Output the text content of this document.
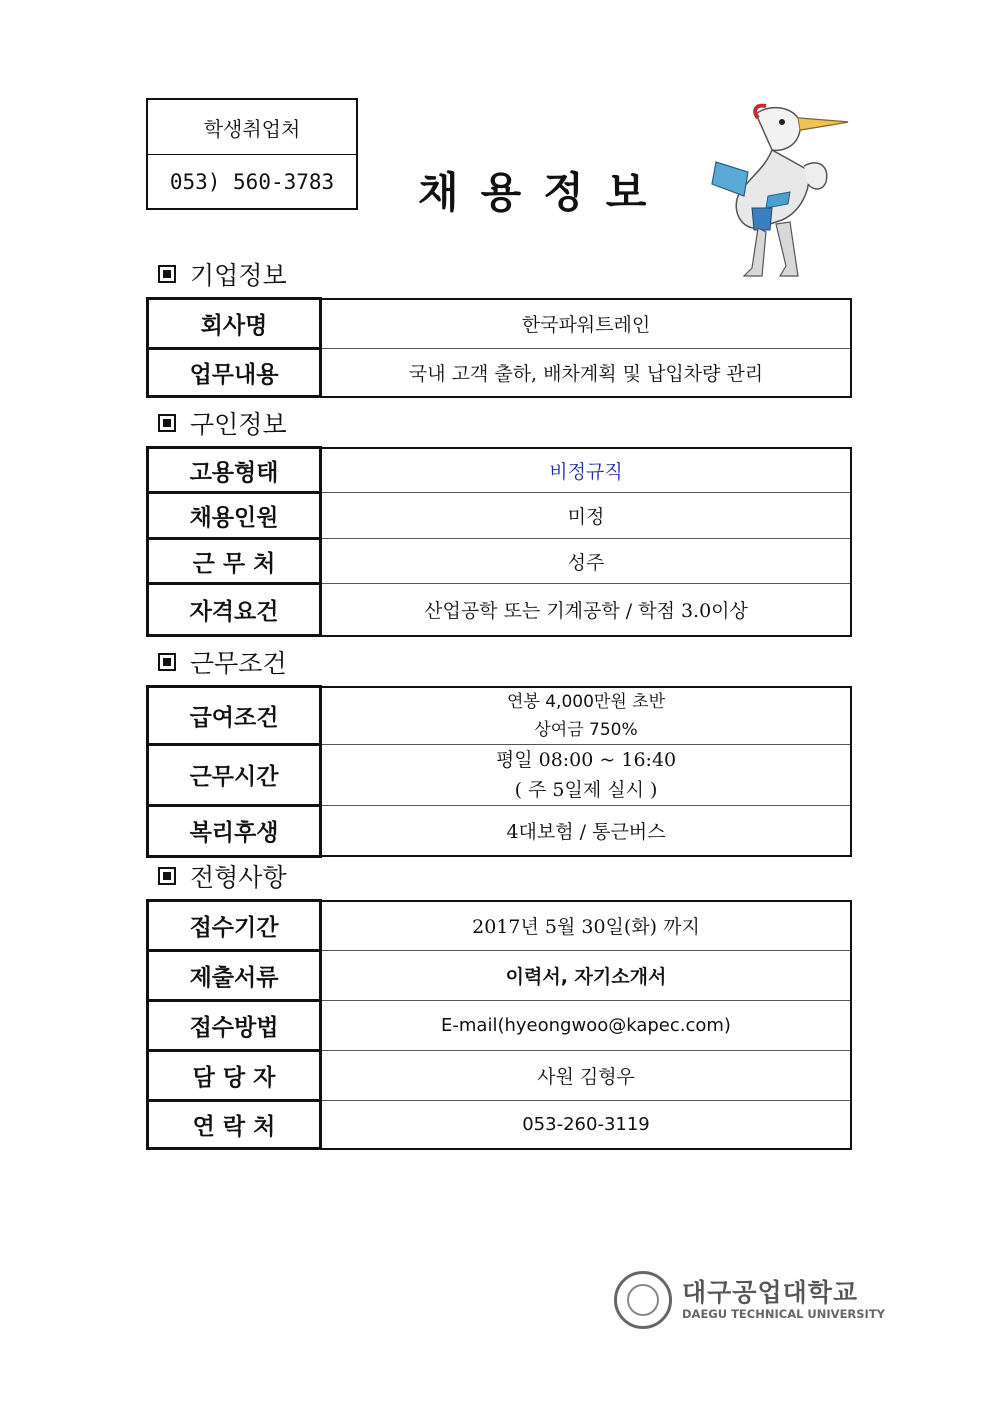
학생취업처
053) 560-3783	채용정보
기업정보
회사명	한국파워트레인
업무내용	국내 고객 출하, 배차계획 및 납입차량 관리
구인정보
고용형태	비정규직
채용인원	미정
근 무 처	성주
자격요건	산업공학 또는 기계공학 / 학점 3.0이상
근무조건
급여조건	연봉 4,000만원 초반
상여금 750%

근무시간	평일 08:00 ~ 16:40
( 주 5일제 실시 )

복리후생	4대보험 / 통근버스
전형사항
접수기간	2017년 5월 30일(화) 까지
제출서류	이력서, 자기소개서
접수방법	E-mail(hyeongwoo@kapec.com)
담 당 자	사원 김형우
연 락 처	053-260-3119
대구공업대학교
DAEGU TECHNICAL UNIVERSITY
